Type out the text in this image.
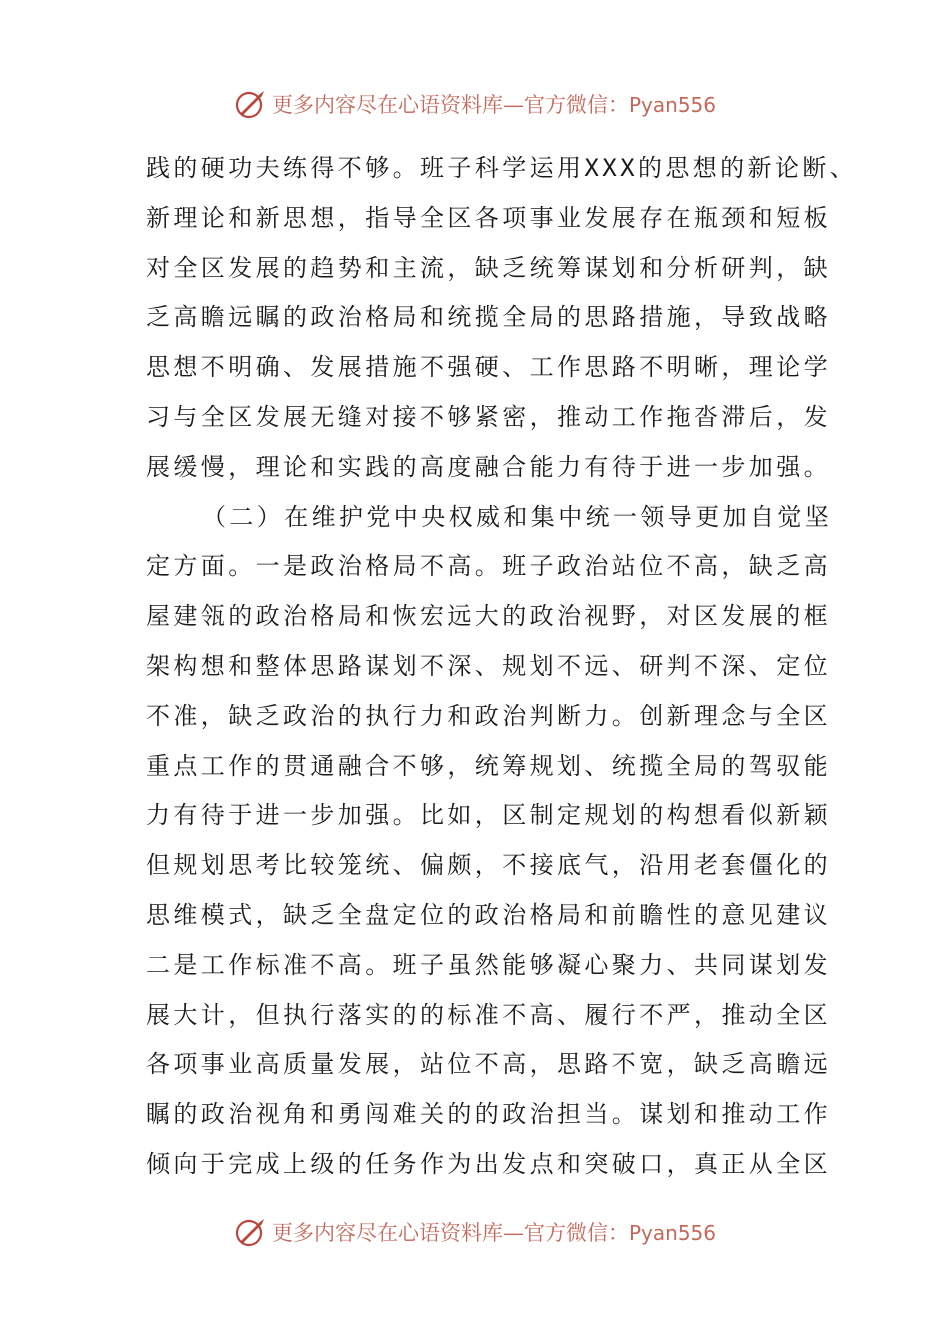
更多内容尽在心语资料库—官方微信：Pyan556
践的硬功夫练得不够。班子科学运用XXX的思想的新论断、
新理论和新思想，指导全区各项事业发展存在瓶颈和短板
对全区发展的趋势和主流，缺乏统筹谋划和分析研判，缺
乏高瞻远瞩的政治格局和统揽全局的思路措施，导致战略
思想不明确、发展措施不强硬、工作思路不明晰，理论学
习与全区发展无缝对接不够紧密，推动工作拖沓滞后，发
展缓慢，理论和实践的高度融合能力有待于进一步加强。
（二）在维护党中央权威和集中统一领导更加自觉坚
定方面。一是政治格局不高。班子政治站位不高，缺乏高
屋建瓴的政治格局和恢宏远大的政治视野，对区发展的框
架构想和整体思路谋划不深、规划不远、研判不深、定位
不准，缺乏政治的执行力和政治判断力。创新理念与全区
重点工作的贯通融合不够，统筹规划、统揽全局的驾驭能
力有待于进一步加强。比如，区制定规划的构想看似新颖
但规划思考比较笼统、偏颇，不接底气，沿用老套僵化的
思维模式，缺乏全盘定位的政治格局和前瞻性的意见建议
二是工作标准不高。班子虽然能够凝心聚力、共同谋划发
展大计，但执行落实的的标准不高、履行不严，推动全区
各项事业高质量发展，站位不高，思路不宽，缺乏高瞻远
瞩的政治视角和勇闯难关的的政治担当。谋划和推动工作
倾向于完成上级的任务作为出发点和突破口，真正从全区
更多内容尽在心语资料库—官方微信：Pyan556
